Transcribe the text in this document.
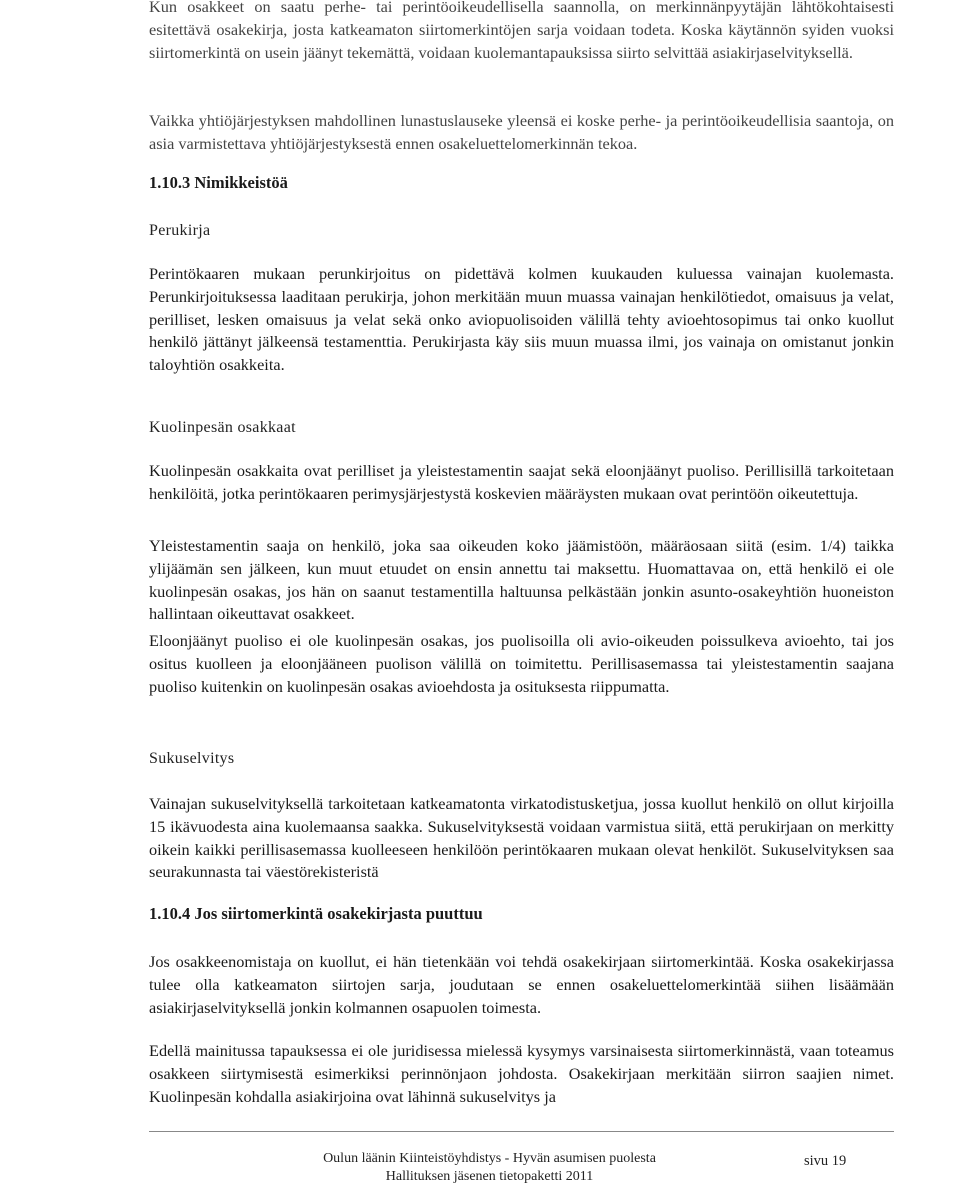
Kun osakkeet on saatu perhe- tai perintöoikeudellisella saannolla, on merkinnänpyytäjän lähtökohtaisesti esitettävä osakekirja, josta katkeamaton siirtomerkintöjen sarja voidaan todeta. Koska käytännön syiden vuoksi siirtomerkintä on usein jäänyt tekemättä, voidaan kuolemantapauksissa siirto selvittää asiakirjaselvityksellä.

Vaikka yhtiöjärjestyksen mahdollinen lunastuslauseke yleensä ei koske perhe- ja perintöoikeudellisia saantoja, on asia varmistettava yhtiöjärjestyksestä ennen osakeluettelomerkinnän tekoa.

1.10.3 Nimikkeistöä
Perukirja

Perintökaaren mukaan perunkirjoitus on pidettävä kolmen kuukauden kuluessa vainajan kuolemasta. Perunkirjoituksessa laaditaan perukirja, johon merkitään muun muassa vainajan henkilötiedot, omaisuus ja velat, perilliset, lesken omaisuus ja velat sekä onko aviopuolisoiden välillä tehty avioehtosopimus tai onko kuollut henkilö jättänyt jälkeensä testamenttia. Perukirjasta käy siis muun muassa ilmi, jos vainaja on omistanut jonkin taloyhtiön osakkeita.

Kuolinpesän osakkaat

Kuolinpesän osakkaita ovat perilliset ja yleistestamentin saajat sekä eloonjäänyt puoliso. Perillisillä tarkoitetaan henkilöitä, jotka perintökaaren perimysjärjestystä koskevien määräysten mukaan ovat perintöön oikeutettuja.

Yleistestamentin saaja on henkilö, joka saa oikeuden koko jäämistöön, määräosaan siitä (esim. 1/4) taikka ylijäämän sen jälkeen, kun muut etuudet on ensin annettu tai maksettu. Huomattavaa on, että henkilö ei ole kuolinpesän osakas, jos hän on saanut testamentilla haltuunsa pelkästään jonkin asunto-osakeyhtiön huoneiston hallintaan oikeuttavat osakkeet.

Eloonjäänyt puoliso ei ole kuolinpesän osakas, jos puolisoilla oli avio-oikeuden poissulkeva avioehto, tai jos ositus kuolleen ja eloonjääneen puolison välillä on toimitettu. Perillisasemassa tai yleistestamentin saajana puoliso kuitenkin on kuolinpesän osakas avioehdosta ja osituksesta riippumatta.

Sukuselvitys

Vainajan sukuselvityksellä tarkoitetaan katkeamatonta virkatodistusketjua, jossa kuollut henkilö on ollut kirjoilla 15 ikävuodesta aina kuolemaansa saakka. Sukuselvityksestä voidaan varmistua siitä, että perukirjaan on merkitty oikein kaikki perillisasemassa kuolleeseen henkilöön perintökaaren mukaan olevat henkilöt. Sukuselvityksen saa seurakunnasta tai väestörekisteristä

1.10.4 Jos siirtomerkintä osakekirjasta puuttuu

Jos osakkeenomistaja on kuollut, ei hän tietenkään voi tehdä osakekirjaan siirtomerkintää. Koska osakekirjassa tulee olla katkeamaton siirtojen sarja, joudutaan se ennen osakeluettelomerkintää siihen lisäämään asiakirjaselvityksellä jonkin kolmannen osapuolen toimesta.

Edellä mainitussa tapauksessa ei ole juridisessa mielessä kysymys varsinaisesta siirtomerkinnästä, vaan toteamus osakkeen siirtymisestä esimerkiksi perinnönjaon johdosta. Osakekirjaan merkitään siirron saajien nimet. Kuolinpesän kohdalla asiakirjoina ovat lähinnä sukuselvitys ja

Oulun läänin Kiinteistöyhdistys - Hyvän asumisen puolesta
Hallituksen jäsenen tietopaketti 2011
sivu 19
